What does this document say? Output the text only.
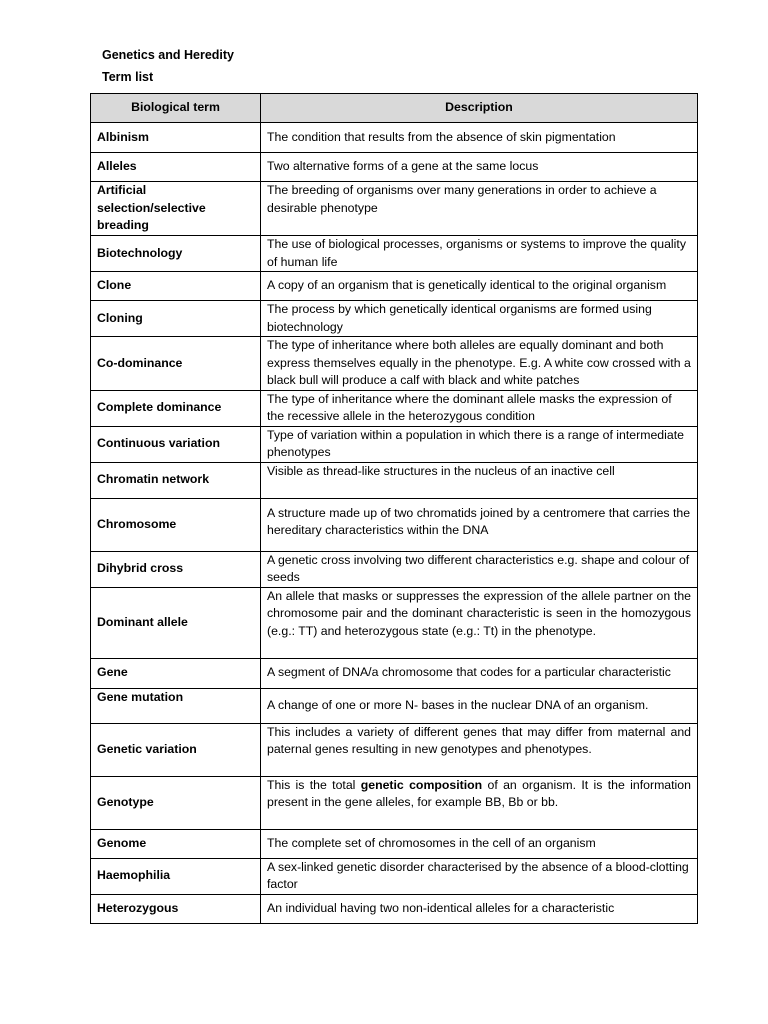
Genetics and Heredity
Term list
Biological term	Description
Albinism	The condition that results from the absence of skin pigmentation
Alleles	Two alternative forms of a gene at the same locus
Artificial selection/selective breading	The breeding of organisms over many generations in order to achieve a desirable phenotype
Biotechnology	The use of biological processes, organisms or systems to improve the quality of human life
Clone	A copy of an organism that is genetically identical to the original organism
Cloning	The process by which genetically identical organisms are formed using biotechnology
Co-dominance	The type of inheritance where both alleles are equally dominant and both express themselves equally in the phenotype. E.g. A white cow crossed with a black bull will produce a calf with black and white patches
Complete dominance	The type of inheritance where the dominant allele masks the expression of the recessive allele in the heterozygous condition
Continuous variation	Type of variation within a population in which there is a range of intermediate phenotypes
Chromatin network	Visible as thread-like structures in the nucleus of an inactive cell
Chromosome	A structure made up of two chromatids joined by a centromere that carries the hereditary characteristics within the DNA
Dihybrid cross	A genetic cross involving two different characteristics e.g. shape and colour of seeds
Dominant allele	An allele that masks or suppresses the expression of the allele partner on the chromosome pair and the dominant characteristic is seen in the homozygous (e.g.: TT) and heterozygous state (e.g.: Tt) in the phenotype.
Gene	A segment of DNA/a chromosome that codes for a particular characteristic
Gene mutation	A change of one or more N- bases in the nuclear DNA of an organism.
Genetic variation	This includes a variety of different genes that may differ from maternal and paternal genes resulting in new genotypes and phenotypes.
Genotype	This is the total genetic composition of an organism. It is the information present in the gene alleles, for example BB, Bb or bb.
Genome	The complete set of chromosomes in the cell of an organism
Haemophilia	A sex-linked genetic disorder characterised by the absence of a blood-clotting factor
Heterozygous	An individual having two non-identical alleles for a characteristic
